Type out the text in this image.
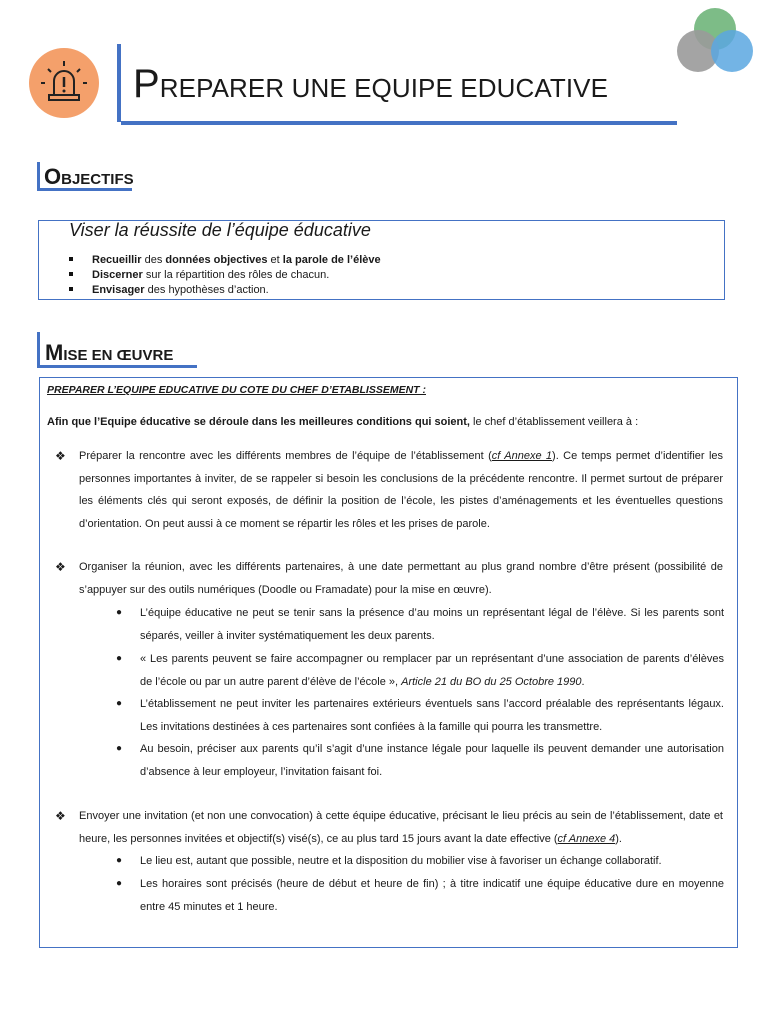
PREPARER UNE EQUIPE EDUCATIVE
OBJECTIFS
Viser la réussite de l’équipe éducative
Recueillir des données objectives et la parole de l’élève
Discerner sur la répartition des rôles de chacun.
Envisager des hypothèses d’action.
MISE EN ŒUVRE
PREPARER L’EQUIPE EDUCATIVE DU COTE DU CHEF D’ETABLISSEMENT :
Afin que l’Equipe éducative se déroule dans les meilleures conditions qui soient, le chef d’établissement veillera à :
❖ Préparer la rencontre avec les différents membres de l’équipe de l’établissement (cf Annexe 1). Ce temps permet d’identifier les personnes importantes à inviter, de se rappeler si besoin les conclusions de la précédente rencontre. Il permet surtout de préparer les éléments clés qui seront exposés, de définir la position de l’école, les pistes d’aménagements et les éventuelles questions d’orientation. On peut aussi à ce moment se répartir les rôles et les prises de parole.

❖ Organiser la réunion, avec les différents partenaires, à une date permettant au plus grand nombre d’être présent (possibilité de s’appuyer sur des outils numériques (Doodle ou Framadate) pour la mise en œuvre).

● L’équipe éducative ne peut se tenir sans la présence d’au moins un représentant légal de l’élève. Si les parents sont séparés, veiller à inviter systématiquement les deux parents.

● « Les parents peuvent se faire accompagner ou remplacer par un représentant d’une association de parents d’élèves de l’école ou par un autre parent d’élève de l’école », Article 21 du BO du 25 Octobre 1990.

● L’établissement ne peut inviter les partenaires extérieurs éventuels sans l’accord préalable des représentants légaux. Les invitations destinées à ces partenaires sont confiées à la famille qui pourra les transmettre.

● Au besoin, préciser aux parents qu’il s’agit d’une instance légale pour laquelle ils peuvent demander une autorisation d’absence à leur employeur, l’invitation faisant foi.

❖ Envoyer une invitation (et non une convocation) à cette équipe éducative, précisant le lieu précis au sein de l’établissement, date et heure, les personnes invitées et objectif(s) visé(s), ce au plus tard 15 jours avant la date effective (cf Annexe 4).

● Le lieu est, autant que possible, neutre et la disposition du mobilier vise à favoriser un échange collaboratif.

● Les horaires sont précisés (heure de début et heure de fin) ; à titre indicatif une équipe éducative dure en moyenne entre 45 minutes et 1 heure.
